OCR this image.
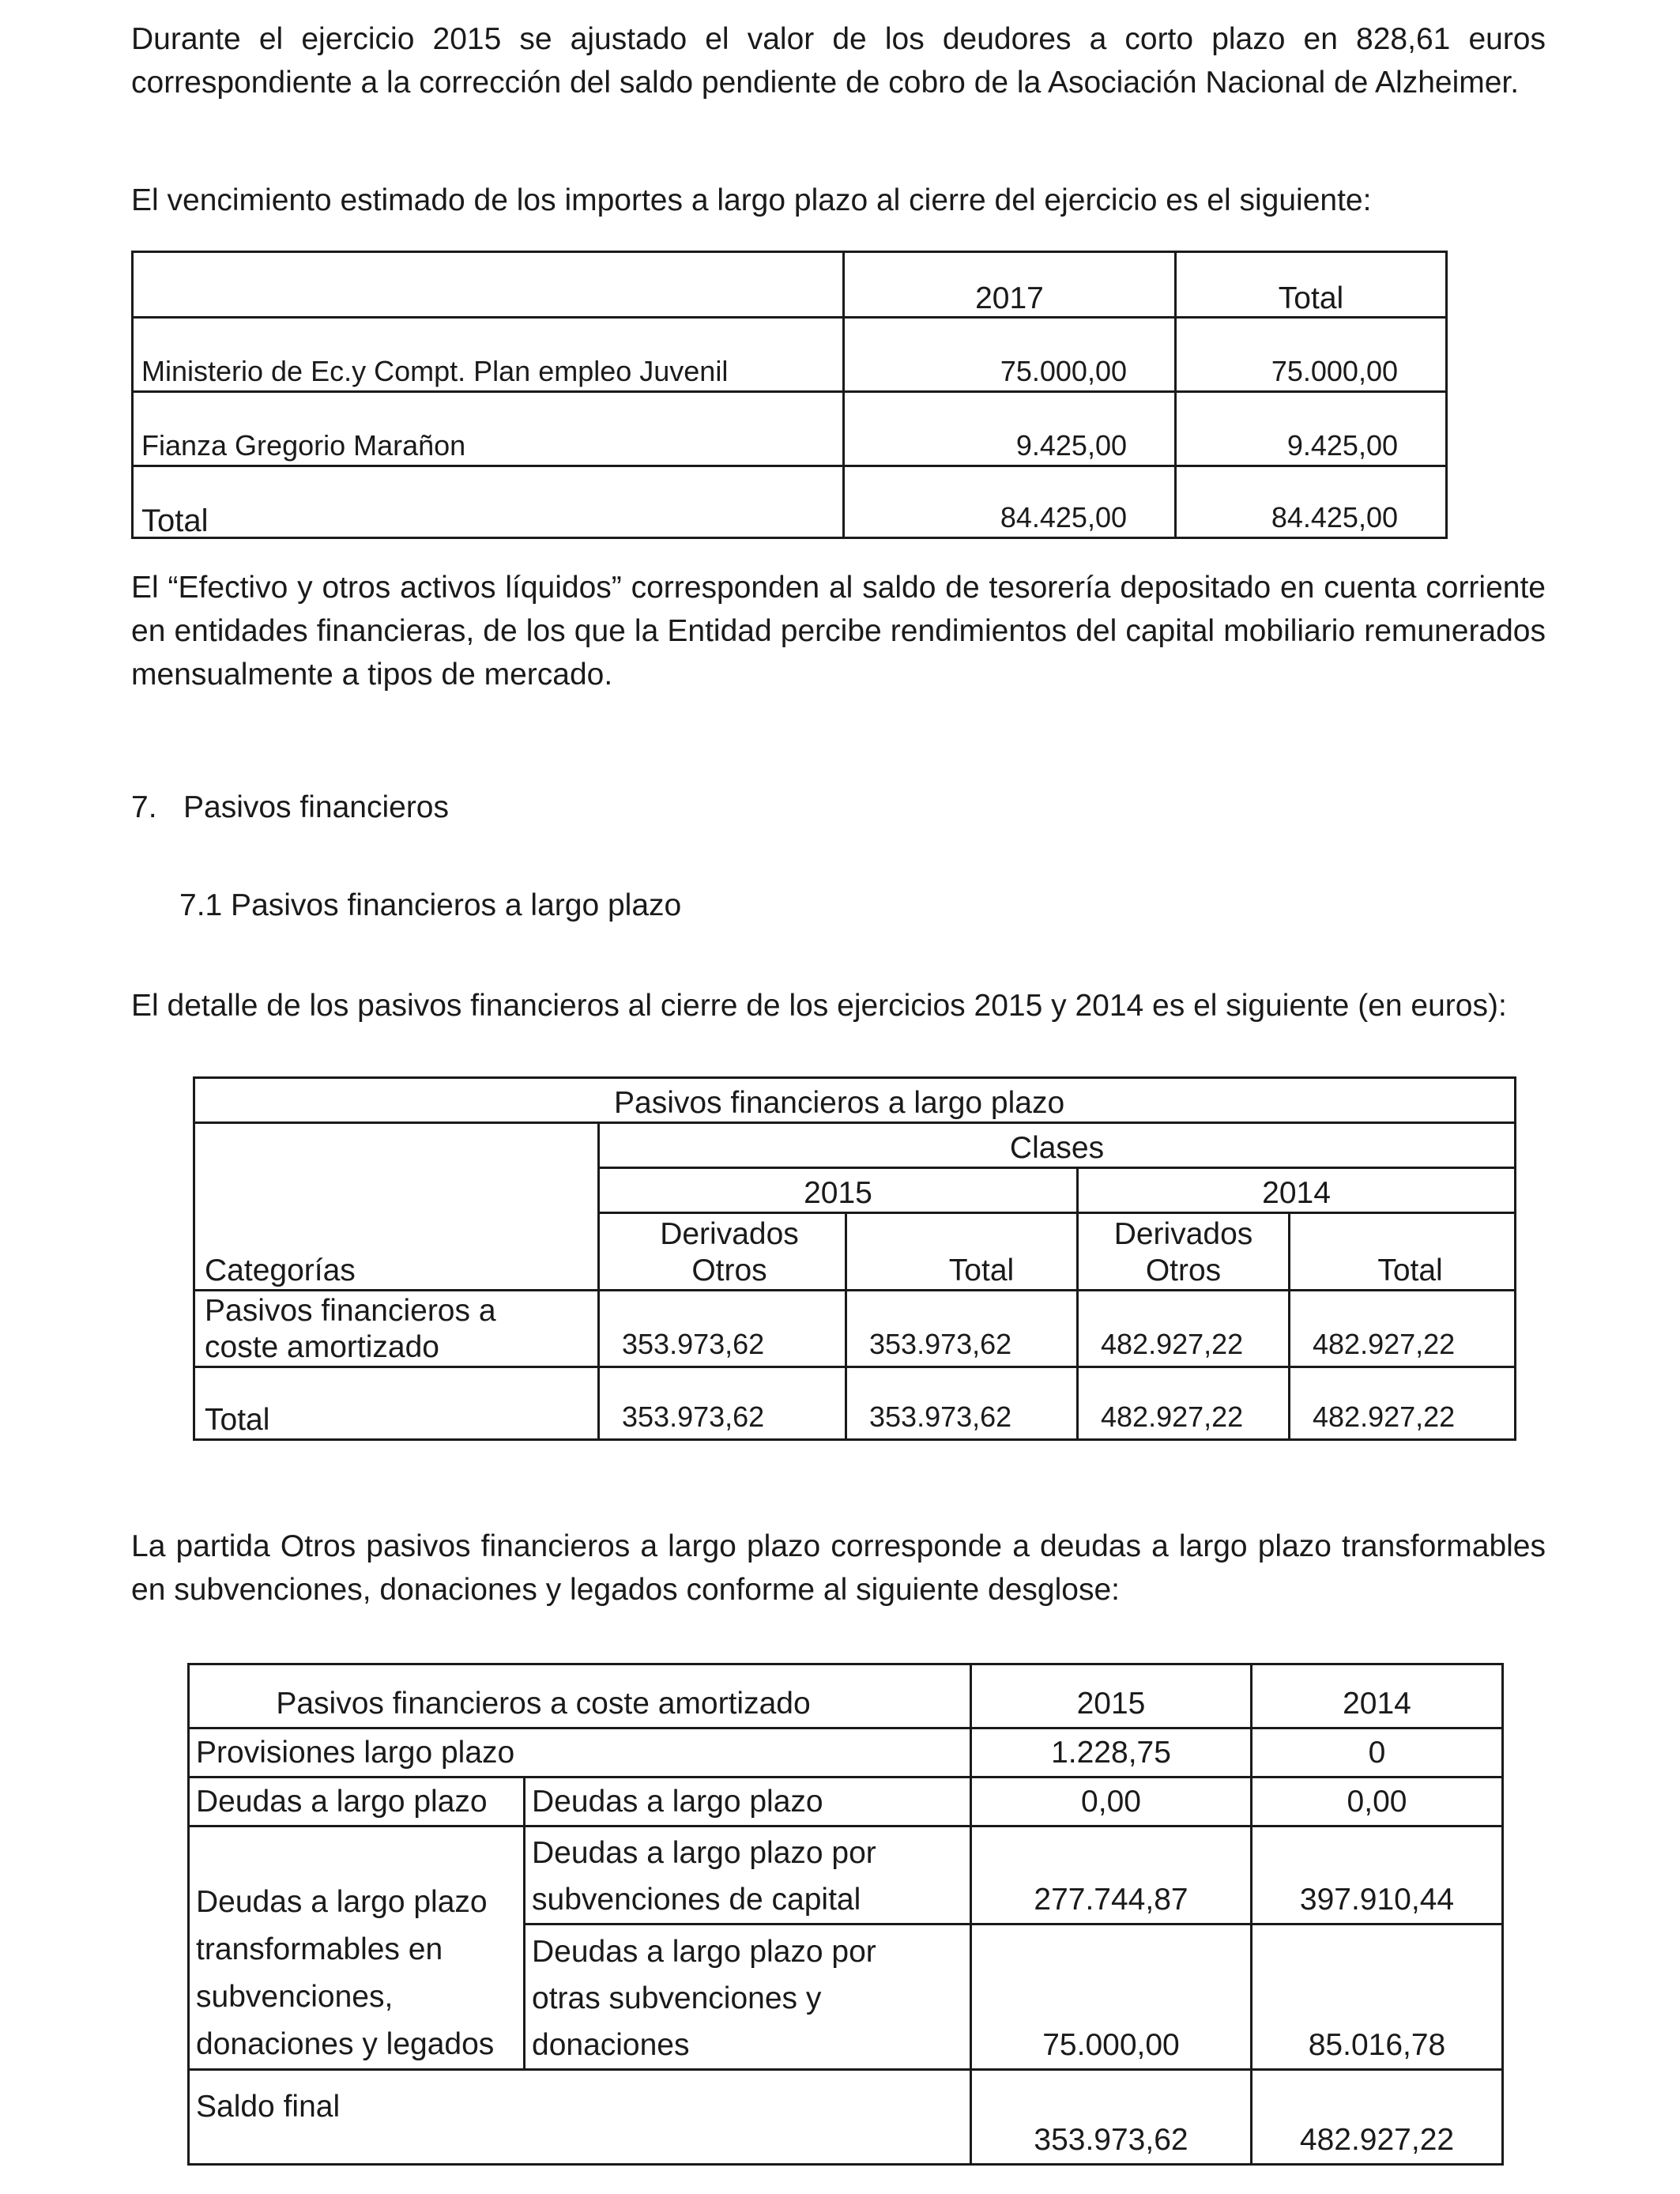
Durante el ejercicio 2015 se ajustado el valor de los deudores a corto plazo en 828,61 euros correspondiente a la corrección del saldo pendiente de cobro de la Asociación Nacional de Alzheimer.

El vencimiento estimado de los importes a largo plazo al cierre del ejercicio es el siguiente:

	2017	Total
Ministerio de Ec.y Compt. Plan empleo Juvenil	75.000,00	75.000,00
Fianza Gregorio Marañon	9.425,00	9.425,00
Total	84.425,00	84.425,00

El “Efectivo y otros activos líquidos” corresponden al saldo de tesorería depositado en cuenta corriente en entidades financieras, de los que la Entidad percibe rendimientos del capital mobiliario remunerados mensualmente a tipos de mercado.

7. Pasivos financieros

7.1 Pasivos financieros a largo plazo

El detalle de los pasivos financieros al cierre de los ejercicios 2015 y 2014 es el siguiente (en euros):

Pasivos financieros a largo plazo				
Categorías	Clases			
	2015		2014	
	Derivados Otros	Total	Derivados Otros	Total

Pasivos financieros a
coste amortizado	353.973,62	353.973,62	482.927,22	482.927,22
Total	353.973,62	353.973,62	482.927,22	482.927,22

La partida Otros pasivos financieros a largo plazo corresponde a deudas a largo plazo transformables en subvenciones, donaciones y legados conforme al siguiente desglose:

Pasivos financieros a coste amortizado		2015	2014
Provisiones largo plazo		1.228,75	0
Deudas a largo plazo	Deudas a largo plazo	0,00	0,00
Deudas a largo plazo transformables en subvenciones, donaciones y legados	Deudas a largo plazo por subvenciones de capital	277.744,87	397.910,44
	Deudas a largo plazo por otras subvenciones y donaciones	75.000,00	85.016,78
Saldo final		353.973,62	482.927,22
